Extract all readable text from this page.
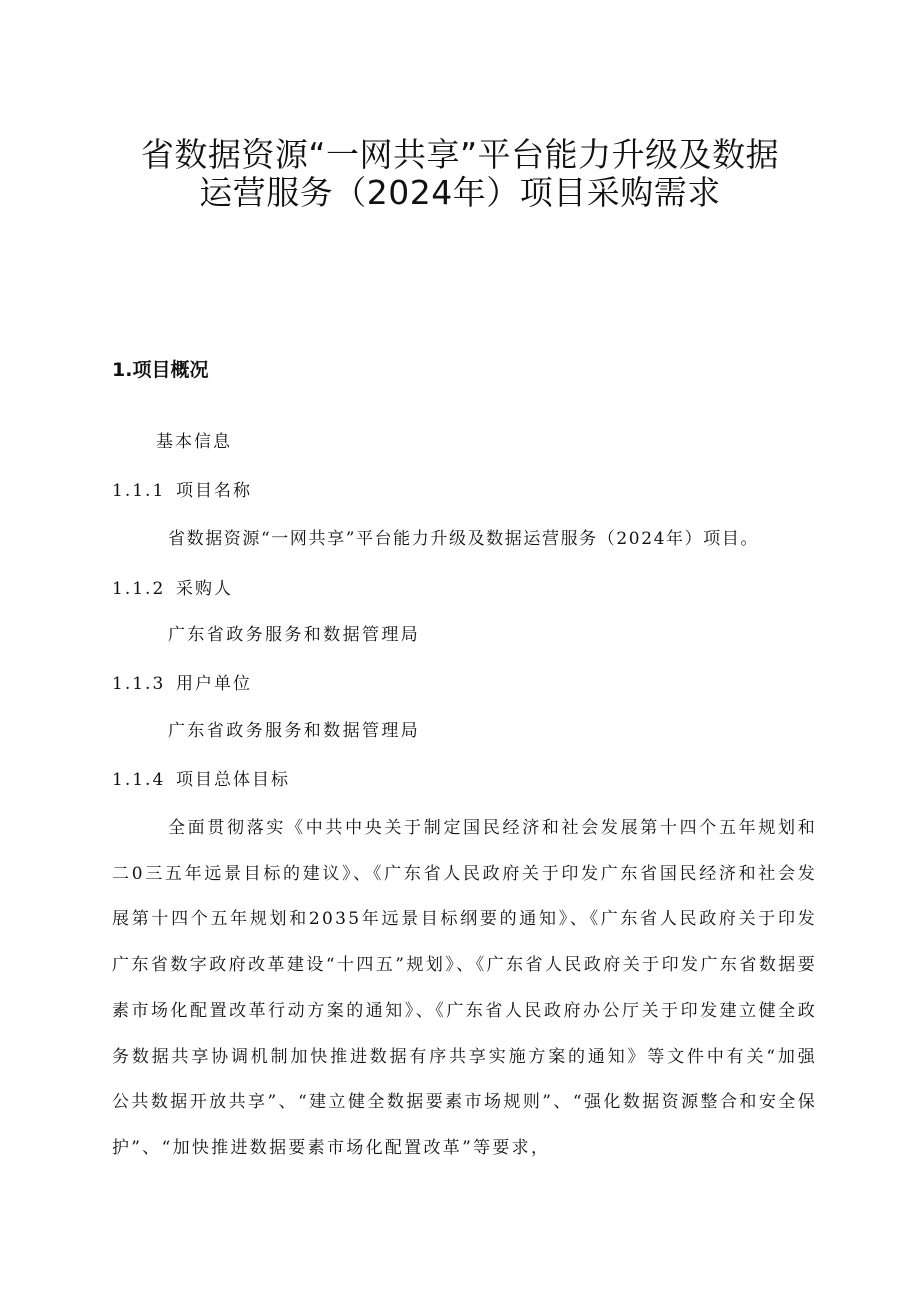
省数据资源“一网共享”平台能力升级及数据
运营服务（2024年）项目采购需求
1.项目概况
基本信息
1.1.1 项目名称
省数据资源“一网共享”平台能力升级及数据运营服务（2024年）项目。
1.1.2 采购人
广东省政务服务和数据管理局
1.1.3 用户单位
广东省政务服务和数据管理局
1.1.4 项目总体目标

全面贯彻落实《中共中央关于制定国民经济和社会发展第十四个五年规划和二0三五年远景目标的建议》、《广东省人民政府关于印发广东省国民经济和社会发展第十四个五年规划和2035年远景目标纲要的通知》、《广东省人民政府关于印发广东省数字政府改革建设“十四五”规划》、《广东省人民政府关于印发广东省数据要素市场化配置改革行动方案的通知》、《广东省人民政府办公厅关于印发建立健全政务数据共享协调机制加快推进数据有序共享实施方案的通知》等文件中有关“加强公共数据开放共享”、“建立健全数据要素市场规则”、“强化数据资源整合和安全保护”、“加快推进数据要素市场化配置改革”等要求，
